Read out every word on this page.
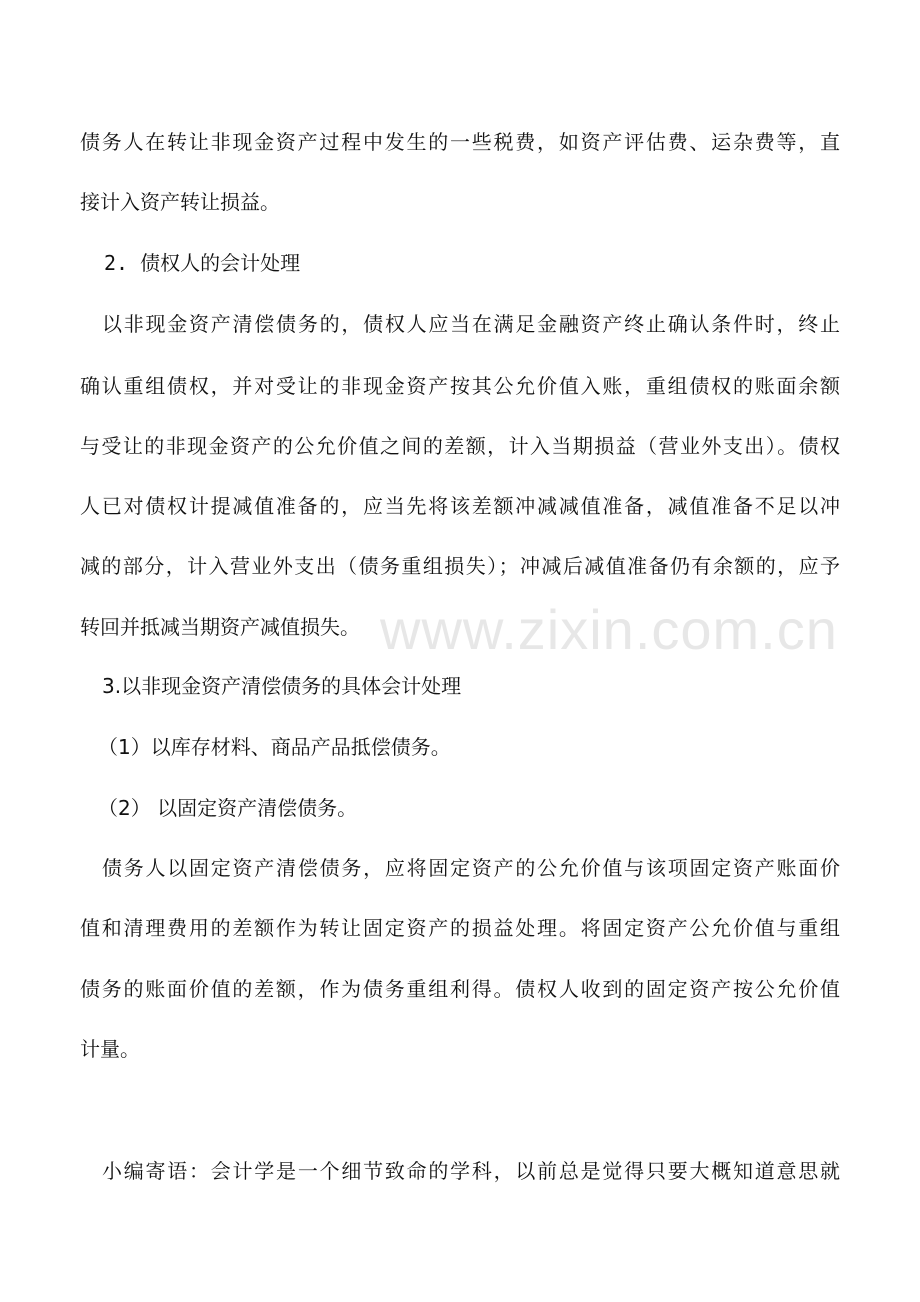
债务人在转让非现金资产过程中发生的一些税费，如资产评估费、运杂费等，直
接计入资产转让损益。
2. 债权人的会计处理
以非现金资产清偿债务的，债权人应当在满足金融资产终止确认条件时，终止
确认重组债权，并对受让的非现金资产按其公允价值入账，重组债权的账面余额
与受让的非现金资产的公允价值之间的差额，计入当期损益（营业外支出）。债权
人已对债权计提减值准备的，应当先将该差额冲减减值准备，减值准备不足以冲
减的部分，计入营业外支出（债务重组损失）；冲减后减值准备仍有余额的，应予
转回并抵减当期资产减值损失。
3.以非现金资产清偿债务的具体会计处理
（1）以库存材料、商品产品抵偿债务。
（2） 以固定资产清偿债务。
债务人以固定资产清偿债务，应将固定资产的公允价值与该项固定资产账面价
值和清理费用的差额作为转让固定资产的损益处理。将固定资产公允价值与重组
债务的账面价值的差额，作为债务重组利得。债权人收到的固定资产按公允价值
计量。
小编寄语：会计学是一个细节致命的学科，以前总是觉得只要大概知道意思就
www.zixin.com.cn
